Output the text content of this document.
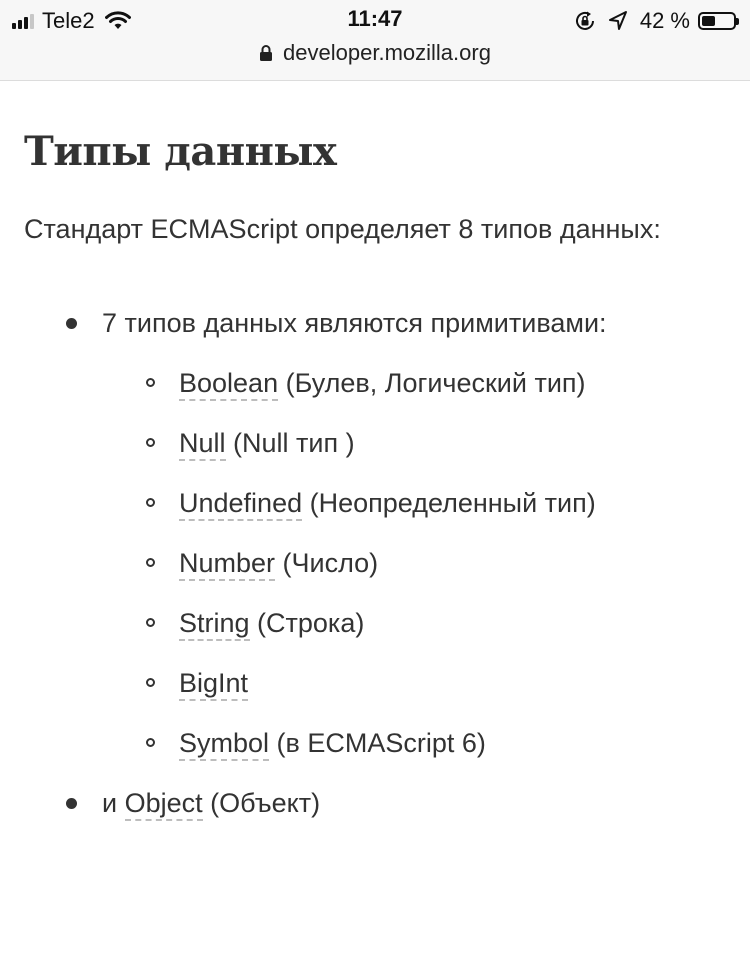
Tele2	11:47	42 %
developer.mozilla.org
Типы данных

Стандарт ECMAScript определяет 8 типов данных:

7 типов данных являются примитивами:
Boolean (Булев, Логический тип)
Null (Null тип )
Undefined (Неопределенный тип)
Number (Число)
String (Строка)
BigInt
Symbol (в ECMAScript 6)
и Object (Объект)
